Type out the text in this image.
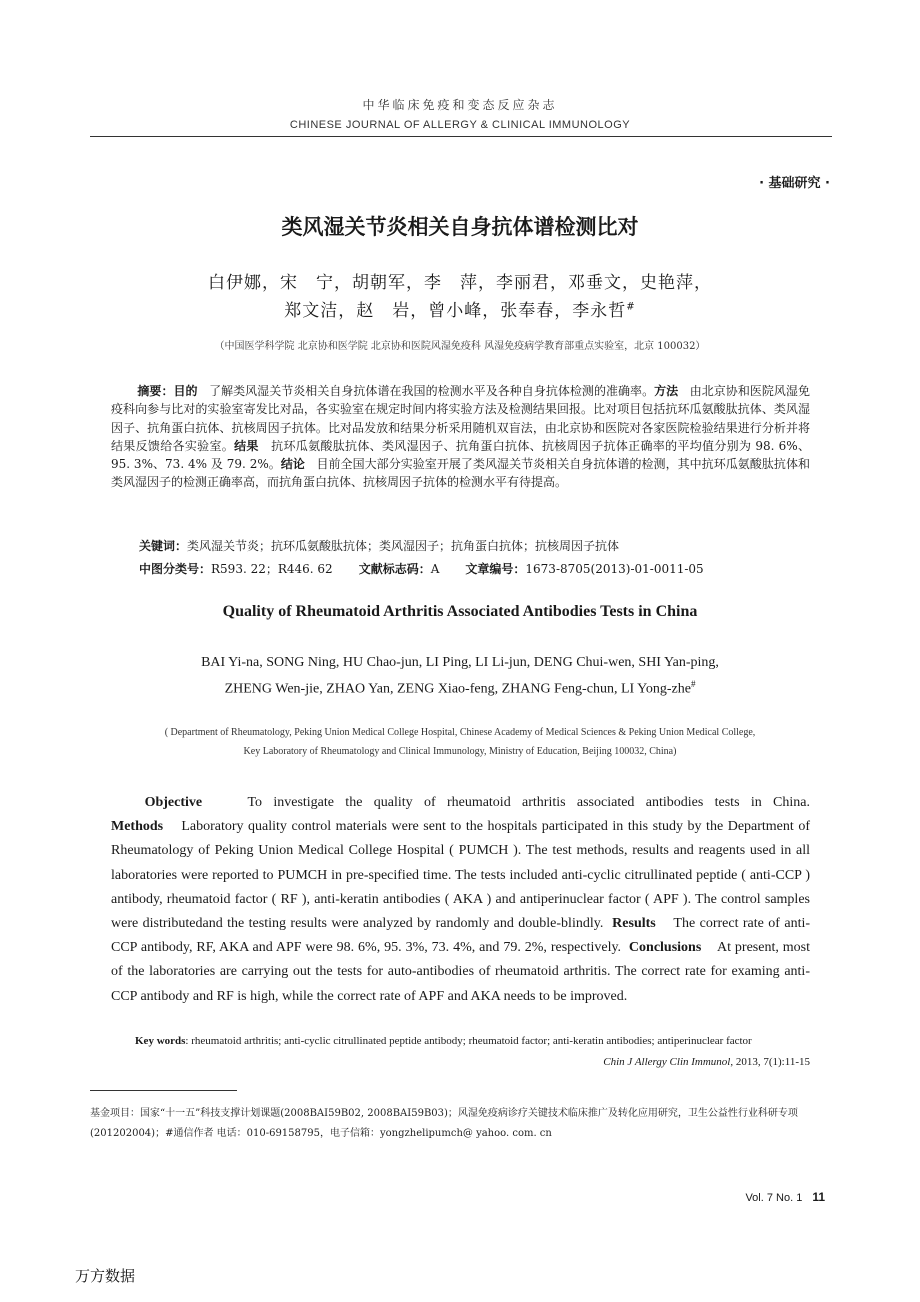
中华临床免疫和变态反应杂志
CHINESE JOURNAL OF ALLERGY & CLINICAL IMMUNOLOGY
· 基础研究 ·
类风湿关节炎相关自身抗体谱检测比对
白伊娜，宋　宁，胡朝军，李　萍，李丽君，邓垂文，史艳萍，
郑文洁，赵　岩，曾小峰，张奉春，李永哲#
（中国医学科学院 北京协和医学院 北京协和医院风湿免疫科 风湿免疫病学教育部重点实验室，北京 100032）
摘要：目的 了解类风湿关节炎相关自身抗体谱在我国的检测水平及各种自身抗体检测的准确率。方法 由北京协和医院风湿免疫科向参与比对的实验室寄发比对品，各实验室在规定时间内将实验方法及检测结果回报。比对项目包括抗环瓜氨酸肽抗体、类风湿因子、抗角蛋白抗体、抗核周因子抗体。比对品发放和结果分析采用随机双盲法，由北京协和医院对各家医院检验结果进行分析并将结果反馈给各实验室。结果 抗环瓜氨酸肽抗体、类风湿因子、抗角蛋白抗体、抗核周因子抗体正确率的平均值分别为 98. 6%、95. 3%、73. 4% 及 79. 2%。结论 目前全国大部分实验室开展了类风湿关节炎相关自身抗体谱的检测，其中抗环瓜氨酸肽抗体和类风湿因子的检测正确率高，而抗角蛋白抗体、抗核周因子抗体的检测水平有待提高。
关键词：类风湿关节炎；抗环瓜氨酸肽抗体；类风湿因子；抗角蛋白抗体；抗核周因子抗体
中图分类号：R593. 22；R446. 62 文献标志码：A 文章编号：1673-8705(2013)-01-0011-05
Quality of Rheumatoid Arthritis Associated Antibodies Tests in China
BAI Yi-na, SONG Ning, HU Chao-jun, LI Ping, LI Li-jun, DENG Chui-wen, SHI Yan-ping,
ZHENG Wen-jie, ZHAO Yan, ZENG Xiao-feng, ZHANG Feng-chun, LI Yong-zhe#
( Department of Rheumatology, Peking Union Medical College Hospital, Chinese Academy of Medical Sciences & Peking Union Medical College,
Key Laboratory of Rheumatology and Clinical Immunology, Ministry of Education, Beijing 100032, China)
Objective	To investigate the quality of rheumatoid arthritis associated antibodies tests in China. Methods Laboratory quality control materials were sent to the hospitals participated in this study by the Department of Rheumatology of Peking Union Medical College Hospital ( PUMCH ). The test methods, results and reagents used in all laboratories were reported to PUMCH in pre-specified time. The tests included anti-cyclic citrullinated peptide ( anti-CCP ) antibody, rheumatoid factor ( RF ), anti-keratin antibodies ( AKA ) and antiperinuclear factor ( APF ). The control samples were distributedand the testing results were analyzed by randomly and double-blindly. Results The correct rate of anti-CCP antibody, RF, AKA and APF were 98. 6%, 95. 3%, 73. 4%, and 79. 2%, respectively. Conclusions At present, most of the laboratories are carrying out the tests for auto-antibodies of rheumatoid arthritis. The correct rate for examing anti-CCP antibody and RF is high, while the correct rate of APF and AKA needs to be improved.
Key words: rheumatoid arthritis; anti-cyclic citrullinated peptide antibody; rheumatoid factor; anti-keratin antibodies; antiperinuclear factor
Chin J Allergy Clin Immunol, 2013, 7(1):11-15
基金项目：国家“十一五”科技支撑计划课题(2008BAI59B02, 2008BAI59B03)；风湿免疫病诊疗关键技术临床推广及转化应用研究，卫生公益性行业科研专项(201202004)；#通信作者 电话：010-69158795，电子信箱：yongzhelipumch@ yahoo. com. cn
Vol. 7 No. 1 11
万方数据
